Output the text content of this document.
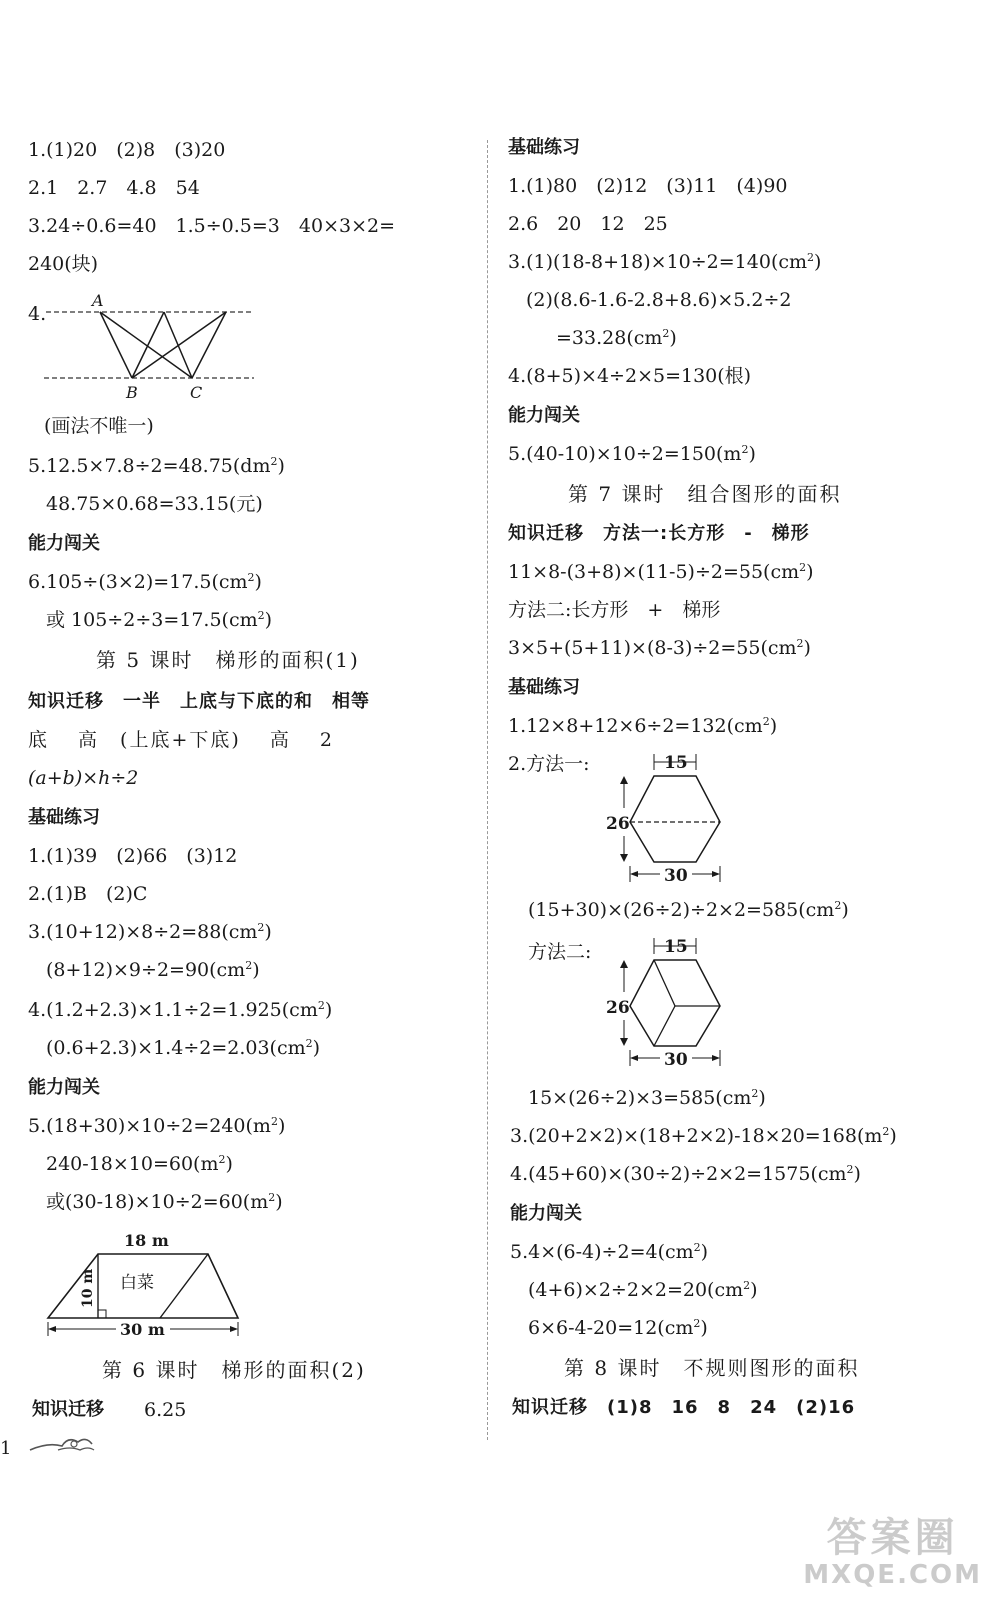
1.(1)20　(2)8　(3)20
2.1　2.7　4.8　54
3.24÷0.6=40　1.5÷0.5=3　40×3×2=
240(块)
4.
A
B	C
(画法不唯一)
$5.12.5\times 7.8\div 2=48.75(dm^2)$
48.75×0.68=33.15(元)
能力闯关
$6.105\div(3\times 2)=17.5(cm^2)$
或 $105\div 2\div 3=17.5(cm^2)$
第 5 课时　梯形的面积(1)
知识迁移　一半　上底与下底的和　相等
底　 高　(上底+下底)　 高　 2
(a+b)×h÷2
基础练习
1.(1)39　(2)66　(3)12
2.(1)B　(2)C
$3.(10+12)\times 8\div 2=88(cm^2)$
$(8+12)\times 9\div 2=90(cm^2)$
$4.(1.2+2.3)\times 1.1\div 2=1.925(cm^2)$
$(0.6+2.3)\times 1.4\div 2=2.03(cm^2)$
能力闯关
$5.(18+30)\times 10\div 2=240(m^2)$
$240-18\times 10=60(m^2)$
或$(30-18)\times 10\div 2=60(m^2)$
18 m
10 m 白菜
30 m
第 6 课时　梯形的面积(2)
知识迁移 6.25
1
基础练习
1.(1)80　(2)12　(3)11　(4)90
2.6　20　12　25
$3.(1)(18-8+18)\times 10\div 2=140(cm^2)$
(2)(8.6-1.6-2.8+8.6)×5.2÷2
$=33.28(cm^2)$
4.(8+5)×4÷2×5=130(根)
能力闯关
$5.(40-10)\times 10\div 2=150(m^2)$
第 7 课时　组合图形的面积
知识迁移　方法一:长方形　-　梯形
$11\times 8-(3+8)\times(11-5)\div 2=55(cm^2)$
方法二:长方形　+　梯形
$3\times 5+(5+11)\times(8-3)\div 2=55(cm^2)$
基础练习
$1.12\times 8+12\times 6\div 2=132(cm^2)$
2.方法一:	15
26
30
$(15+30)\times(26\div 2)\div 2\times 2=585(cm^2)$
方法二:	15
26
30
$15\times(26\div 2)\times 3=585(cm^2)$
$3.(20+2\times 2)\times(18+2\times 2)-18\times 20=168(m^2)$
$4.(45+60)\times(30\div 2)\div 2\times 2=1575(cm^2)$
能力闯关
$5.4\times(6-4)\div 2=4(cm^2)$
$(4+6)\times 2\div 2\times 2=20(cm^2)$
$6\times 6-4-20=12(cm^2)$
第 8 课时　不规则图形的面积
知识迁移　(1)8　16　8　24　(2)16
答案圈
MXQE.COM
